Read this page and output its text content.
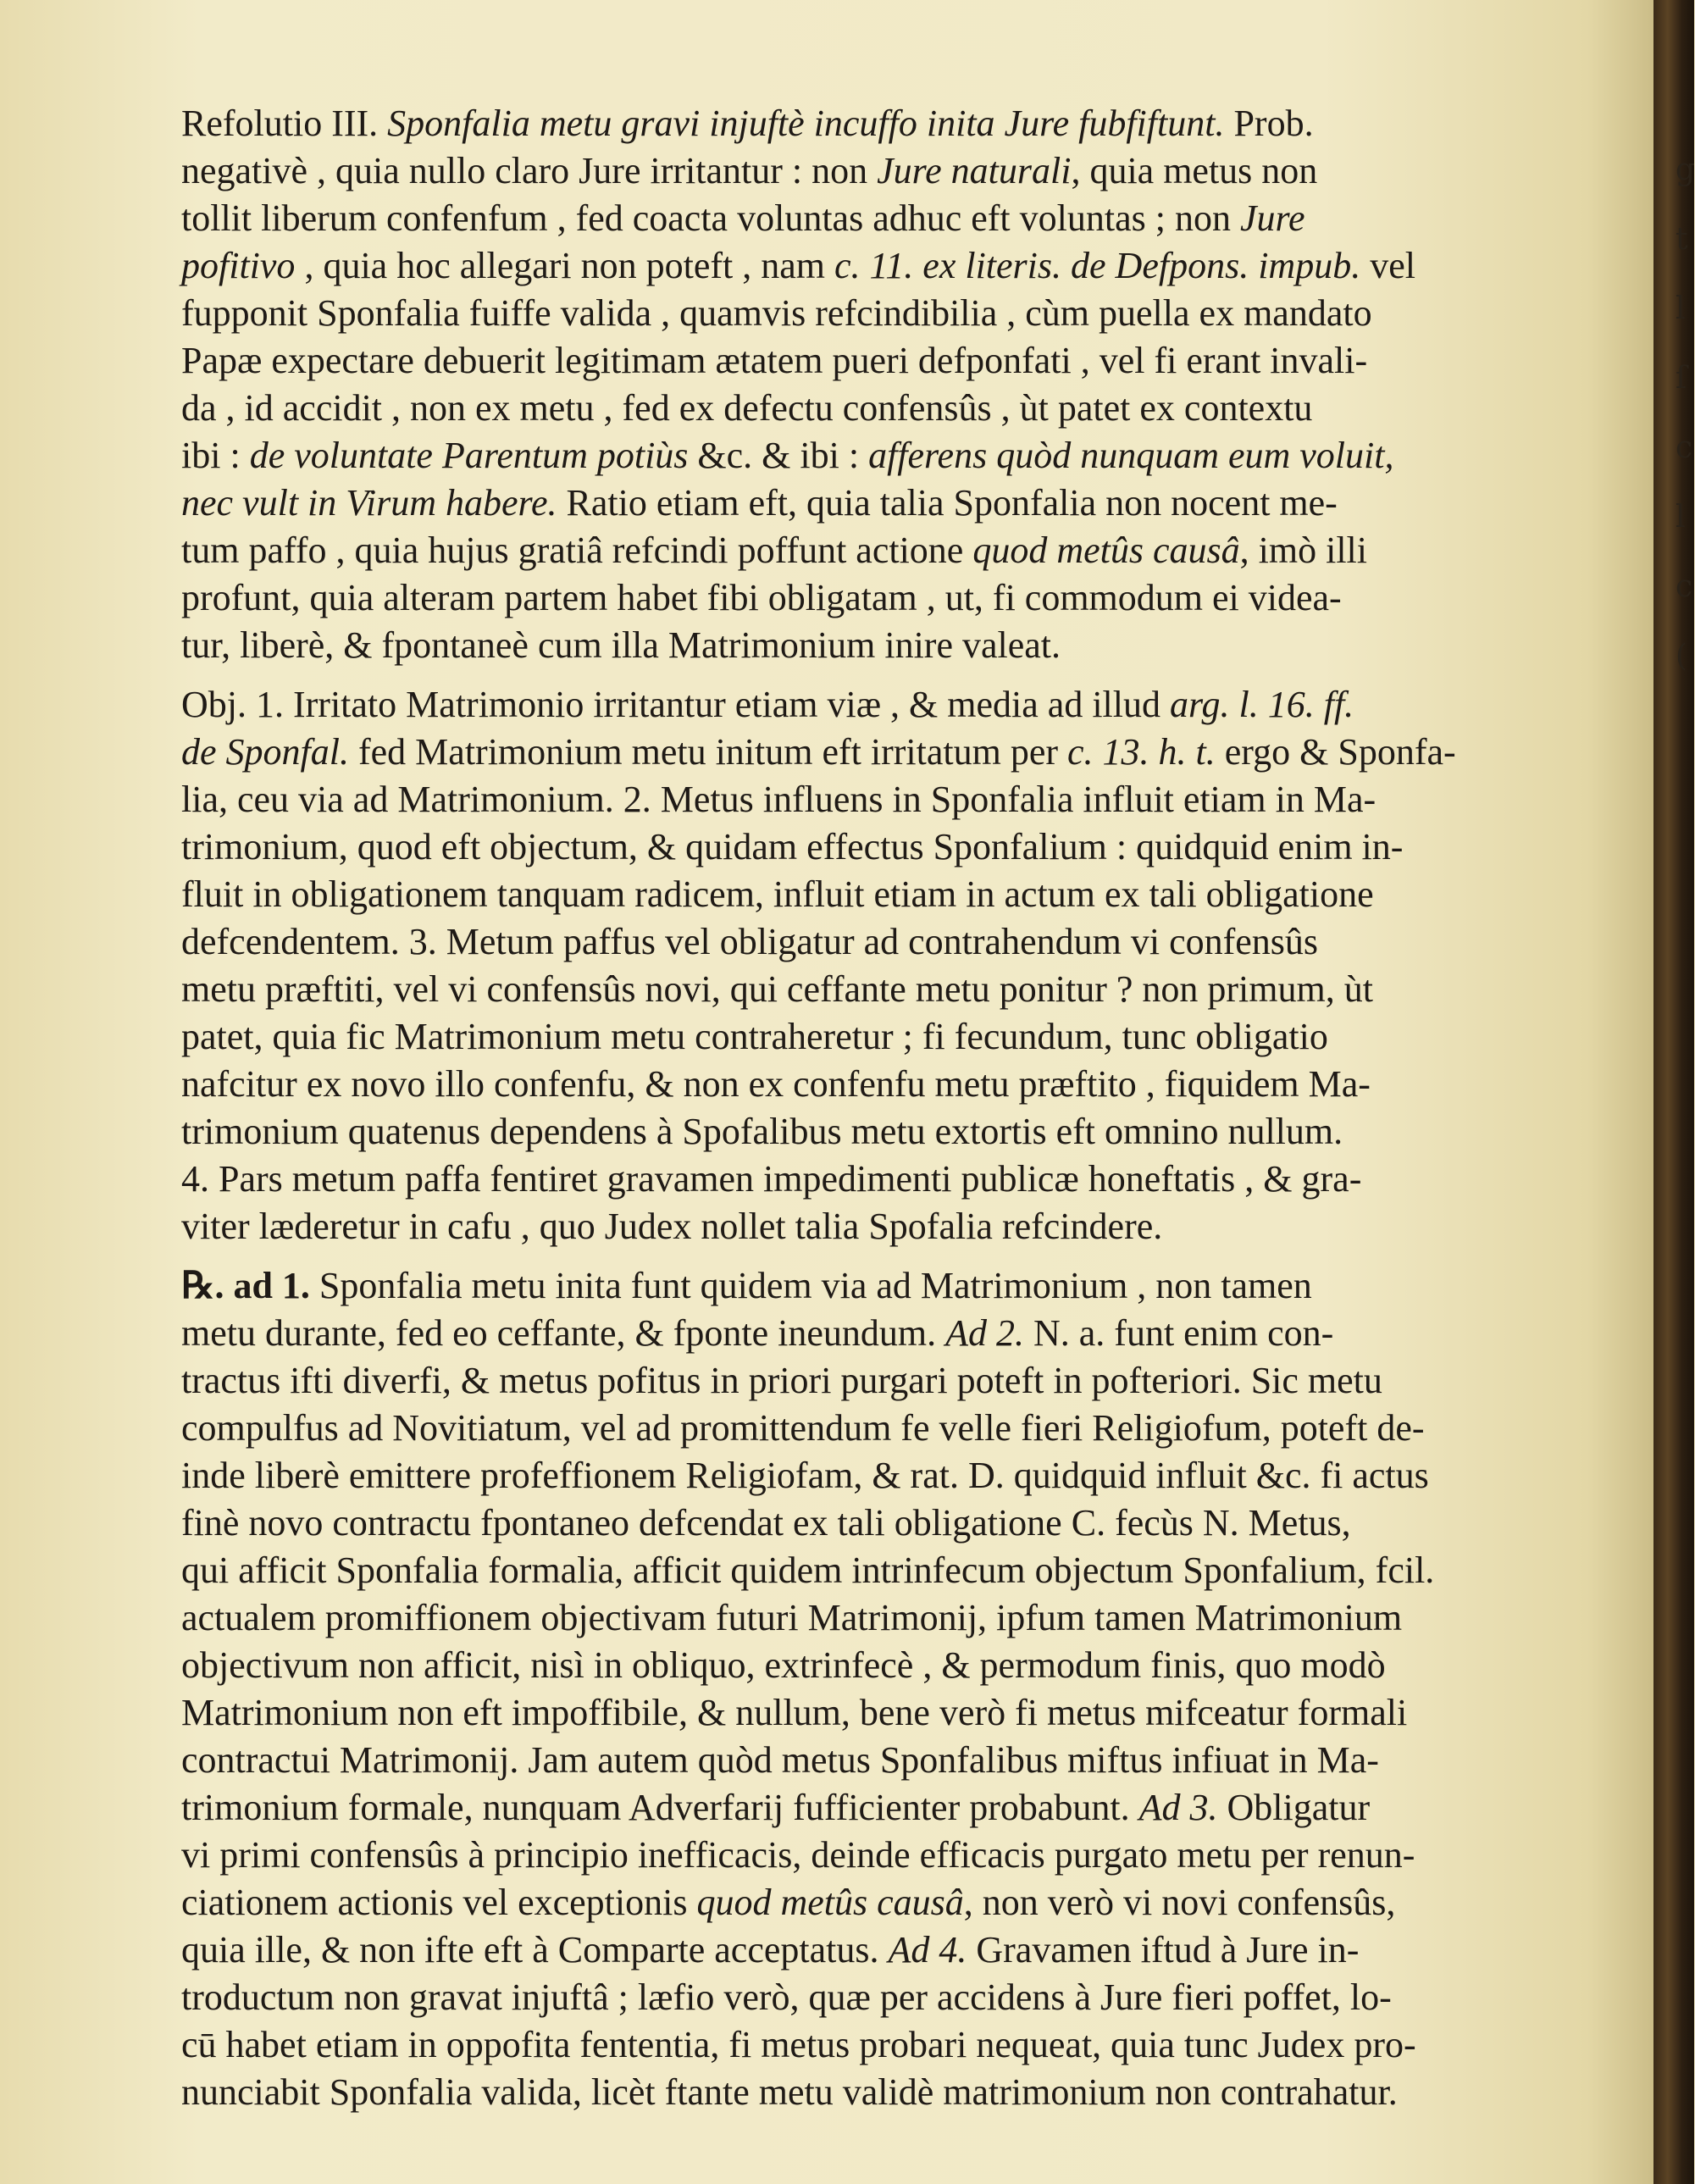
Refolutio III. Sponfalia metu gravi injuftè incuffo inita Jure fubfiftunt. Prob.
negativè , quia nullo claro Jure irritantur : non Jure naturali, quia metus non
tollit liberum confenfum , fed coacta voluntas adhuc eft voluntas ; non Jure
pofitivo , quia hoc allegari non poteft , nam c. 11. ex literis. de Defpons. impub. vel
fupponit Sponfalia fuiffe valida , quamvis refcindibilia , cùm puella ex mandato
Papæ expectare debuerit legitimam ætatem pueri defponfati , vel fi erant invali-
da , id accidit , non ex metu , fed ex defectu confensûs , ùt patet ex contextu
ibi : de voluntate Parentum potiùs &c. & ibi : afferens quòd nunquam eum voluit,
nec vult in Virum habere. Ratio etiam eft, quia talia Sponfalia non nocent me-
tum paffo , quia hujus gratiâ refcindi poffunt actione quod metûs causâ, imò illi
profunt, quia alteram partem habet fibi obligatam , ut, fi commodum ei videa-
tur, liberè, & fpontaneè cum illa Matrimonium inire valeat.
Obj. 1. Irritato Matrimonio irritantur etiam viæ , & media ad illud arg. l. 16. ff.
de Sponfal. fed Matrimonium metu initum eft irritatum per c. 13. h. t. ergo & Sponfa-
lia, ceu via ad Matrimonium. 2. Metus influens in Sponfalia influit etiam in Ma-
trimonium, quod eft objectum, & quidam effectus Sponfalium : quidquid enim in-
fluit in obligationem tanquam radicem, influit etiam in actum ex tali obligatione
defcendentem. 3. Metum paffus vel obligatur ad contrahendum vi confensûs
metu præftiti, vel vi confensûs novi, qui ceffante metu ponitur ? non primum, ùt
patet, quia fic Matrimonium metu contraheretur ; fi fecundum, tunc obligatio
nafcitur ex novo illo confenfu, & non ex confenfu metu præftito , fiquidem Ma-
trimonium quatenus dependens à Spofalibus metu extortis eft omnino nullum.
4. Pars metum paffa fentiret gravamen impedimenti publicæ honeftatis , & gra-
viter læderetur in cafu , quo Judex nollet talia Spofalia refcindere.
℞. ad 1. Sponfalia metu inita funt quidem via ad Matrimonium , non tamen
metu durante, fed eo ceffante, & fponte ineundum. Ad 2. N. a. funt enim con-
tractus ifti diverfi, & metus pofitus in priori purgari poteft in pofteriori. Sic metu
compulfus ad Novitiatum, vel ad promittendum fe velle fieri Religiofum, poteft de-
inde liberè emittere profeffionem Religiofam, & rat. D. quidquid influit &c. fi actus
finè novo contractu fpontaneo defcendat ex tali obligatione C. fecùs N. Metus,
qui afficit Sponfalia formalia, afficit quidem intrinfecum objectum Sponfalium, fcil.
actualem promiffionem objectivam futuri Matrimonij, ipfum tamen Matrimonium
objectivum non afficit, nisì in obliquo, extrinfecè , & permodum finis, quo modò
Matrimonium non eft impoffibile, & nullum, bene verò fi metus mifceatur formali
contractui Matrimonij. Jam autem quòd metus Sponfalibus miftus infiuat in Ma-
trimonium formale, nunquam Adverfarij fufficienter probabunt. Ad 3. Obligatur
vi primi confensûs à principio inefficacis, deinde efficacis purgato metu per renun-
ciationem actionis vel exceptionis quod metûs causâ, non verò vi novi confensûs,
quia ille, & non ifte eft à Comparte acceptatus. Ad 4. Gravamen iftud à Jure in-
troductum non gravat injuftâ ; læfio verò, quæ per accidens à Jure fieri poffet, lo-
cū habet etiam in oppofita fententia, fi metus probari nequeat, quia tunc Judex pro-
nunciabit Sponfalia valida, licèt ftante metu validè matrimonium non contrahatur.
g
t
l
ſ
c
l
c
(
